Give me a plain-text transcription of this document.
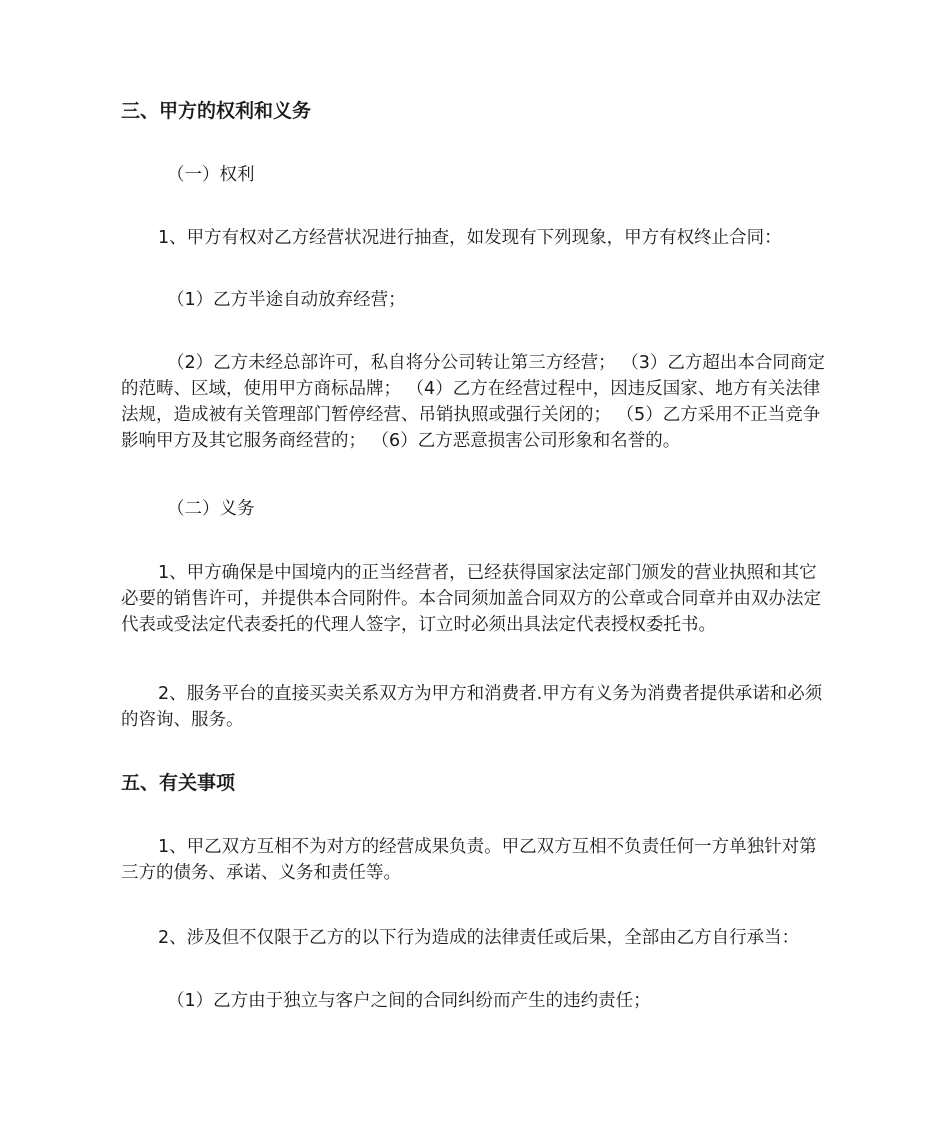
三、甲方的权利和义务

（一）权利

1、甲方有权对乙方经营状况进行抽查，如发现有下列现象，甲方有权终止合同：

（1）乙方半途自动放弃经营；

（2）乙方未经总部许可，私自将分公司转让第三方经营； （3）乙方超出本合同商定的范畴、区域，使用甲方商标品牌； （4）乙方在经营过程中，因违反国家、地方有关法律法规，造成被有关管理部门暂停经营、吊销执照或强行关闭的； （5）乙方采用不正当竞争影响甲方及其它服务商经营的； （6）乙方恶意损害公司形象和名誉的。

（二）义务

1、甲方确保是中国境内的正当经营者，已经获得国家法定部门颁发的营业执照和其它必要的销售许可，并提供本合同附件。本合同须加盖合同双方的公章或合同章并由双办法定代表或受法定代表委托的代理人签字，订立时必须出具法定代表授权委托书。

2、服务平台的直接买卖关系双方为甲方和消费者.甲方有义务为消费者提供承诺和必须的咨询、服务。

五、有关事项

1、甲乙双方互相不为对方的经营成果负责。甲乙双方互相不负责任何一方单独针对第三方的债务、承诺、义务和责任等。

2、涉及但不仅限于乙方的以下行为造成的法律责任或后果，全部由乙方自行承当：

（1）乙方由于独立与客户之间的合同纠纷而产生的违约责任；
